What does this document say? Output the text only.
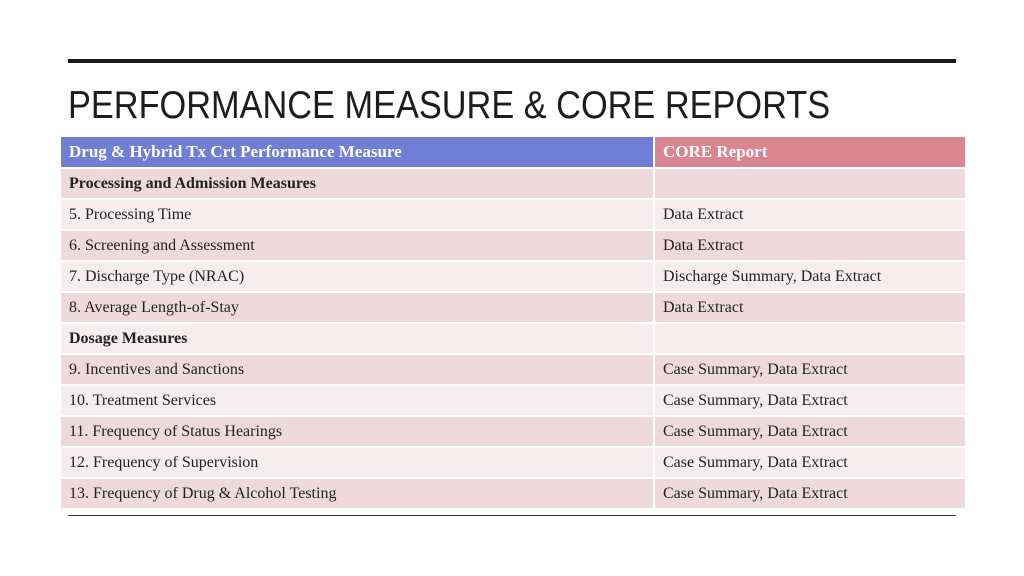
PERFORMANCE MEASURE & CORE REPORTS
Drug & Hybrid Tx Crt Performance Measure	CORE Report
Processing and Admission Measures	
5. Processing Time	Data Extract
6. Screening and Assessment	Data Extract
7. Discharge Type (NRAC)	Discharge Summary, Data Extract
8. Average Length-of-Stay	Data Extract
Dosage Measures	
9. Incentives and Sanctions	Case Summary, Data Extract
10. Treatment Services	Case Summary, Data Extract
11. Frequency of Status Hearings	Case Summary, Data Extract
12. Frequency of Supervision	Case Summary, Data Extract
13. Frequency of Drug & Alcohol Testing	Case Summary, Data Extract
